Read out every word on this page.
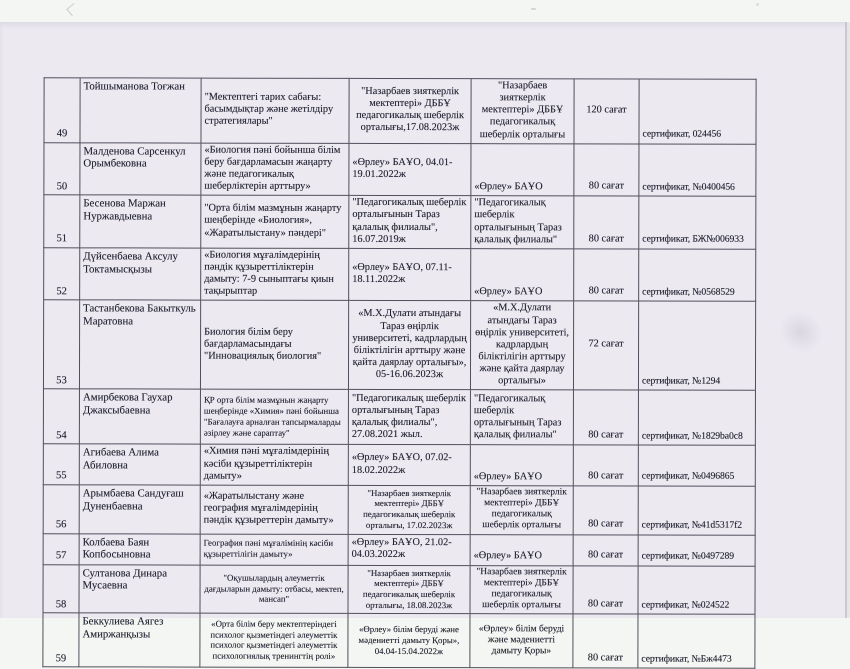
49	Тойшыманова Тоғжан	"Мектептегі тарих сабағы: басымдықтар және жетілдіру стратегиялары"	"Назарбаев зияткерлік мектептері» ДББҰ педагогикалық шеберлік орталығы,17.08.2023ж	"Назарбаев зияткерлік мектептері» ДББҰ педагогикалық шеберлік орталығы	120 сағат	сертификат, 024456
50	Малденова Сарсенкул Орымбековна	«Биология пәні бойынша білім беру бағдарламасын жаңарту және педагогикалық шеберліктерін арттыру»	«Өрлеу» БАҰО, 04.01-19.01.2022ж	«Өрлеу» БАҰО	80 сағат	сертификат, №0400456
51	Бесенова Маржан Нуржавдыевна	"Орта білім мазмұнын жаңарту шеңберінде «Биология», «Жаратылыстану» пәндері"	"Педагогикалық шеберлік орталығынын Тараз қалалық филиалы", 16.07.2019ж	"Педагогикалық шеберлік орталығының Тараз қалалық филиалы"	80 сағат	сертификат, БЖ№006933
52	Дүйсенбаева Аксулу Токтамысқызы	«Биология мұғалімдерінің пәндік құзыреттіліктерін дамыту: 7-9 сыныптағы қиын тақырыптар	«Өрлеу» БАҰО, 07.11-18.11.2022ж	«Өрлеу» БАҰО	80 сағат	сертификат, №0568529
53	Тастанбекова Бакыткуль Маратовна	Биология білім беру бағдарламасындағы "Инновациялық биология"	«М.Х.Дулати атындағы Тараз өңірлік университеті, кадрлардың біліктілігін арттыру және қайта даярлау орталығы», 05-16.06.2023ж	«М.Х.Дулати атындағы Тараз өңірлік университеті, кадрлардың біліктілігін арттыру және қайта даярлау орталығы»	72 сағат	сертификат, №1294
54	Амирбекова Гаухар Джаксыбаевна	ҚР орта білім мазмұнын жаңарту шеңберінде «Химия» пәні бойынша "Бағалауға арналған тапсырмаларды әзірлеу және сараптау"	"Педагогикалық шеберлік орталығының Тараз қалалық филиалы", 27.08.2021 жыл.	"Педагогикалық шеберлік орталығының Тараз қалалық филиалы"	80 сағат	сертификат, №1829ba0c8
55	Агибаева Алима Абиловна	«Химия пәні мұғалімдерінің кәсіби құзыреттіліктерін дамыту»	«Өрлеу» БАҰО, 07.02-18.02.2022ж	«Өрлеу» БАҰО	80 сағат	сертификат, №0496865
56	Арымбаева Сандуғаш Дуненбаевна	«Жаратылыстану және география мұғалімдерінің пәндік құзыреттерін дамыту»	"Назарбаев зияткерлік мектептері» ДББҰ педагогикалық шеберлік орталығы, 17.02.2023ж	"Назарбаев зияткерлік мектептері» ДББҰ педагогикалық шеберлік орталығы	80 сағат	сертификат, №41d5317f2
57	Колбаева Баян Копбосыновна	География пәні мұғалімінің кәсіби құзыреттілігін дамыту»	«Өрлеу» БАҰО, 21.02-04.03.2022ж	«Өрлеу» БАҰО	80 сағат	сертификат, №0497289
58	Султанова Динара Мусаевна	"Оқушылардың әлеуметтік дағдыларын дамыту: отбасы, мектеп, мансап"	"Назарбаев зияткерлік мектептері» ДББҰ педагогикалық шеберлік орталығы, 18.08.2023ж	"Назарбаев зияткерлік мектептері» ДББҰ педагогикалық шеберлік орталығы	80 сағат	сертификат, №024522
59	Беккулиева Аягез Амиржанқызы	«Орта білім беру мектептеріндегі психолог қызметіндегі әлеуметтік психолог қызметіндегі әлеуметтік психологиялық тренингтің ролі»	«Өрлеу» білім беруді және мәдениетті дамыту Қоры», 04.04-15.04.2022ж	«Өрлеу» білім беруді және мәдениетті дамыту Қоры»	80 сағат	сертификат, №Бж4473
